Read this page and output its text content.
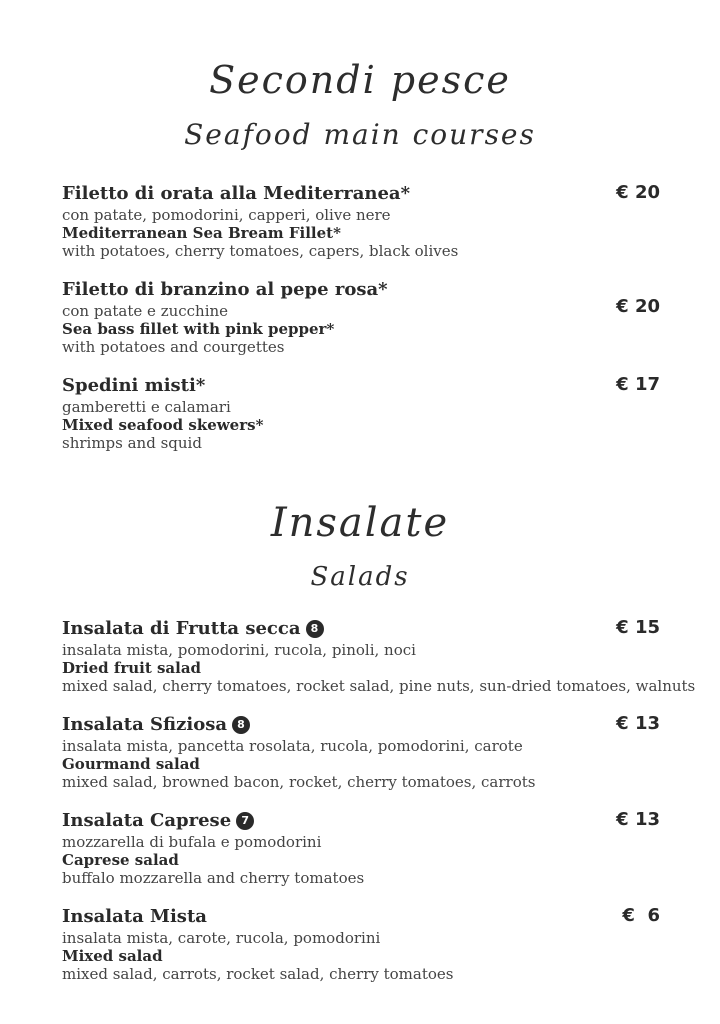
Secondi pesce
Seafood main courses
Filetto di orata alla Mediterranea*
con patate, pomodorini, capperi, olive nere
Mediterranean Sea Bream Fillet*
with potatoes, cherry tomatoes, capers, black olives
€ 20
Filetto di branzino al pepe rosa*
con patate e zucchine
Sea bass fillet with pink pepper*
with potatoes and courgettes
€ 20
Spedini misti*
gamberetti e calamari
Mixed seafood skewers*
shrimps and squid
€ 17
Insalate
Salads
Insalata di Frutta secca 8
insalata mista, pomodorini, rucola, pinoli, noci
Dried fruit salad
mixed salad, cherry tomatoes, rocket salad, pine nuts, sun-dried tomatoes, walnuts
€ 15
Insalata Sfiziosa 8
insalata mista, pancetta rosolata, rucola, pomodorini, carote
Gourmand salad
mixed salad, browned bacon, rocket, cherry tomatoes, carrots
€ 13
Insalata Caprese 7
mozzarella di bufala e pomodorini
Caprese salad
buffalo mozzarella and cherry tomatoes
€ 13
Insalata Mista
insalata mista, carote, rucola, pomodorini
Mixed salad
mixed salad, carrots, rocket salad, cherry tomatoes
€  6
